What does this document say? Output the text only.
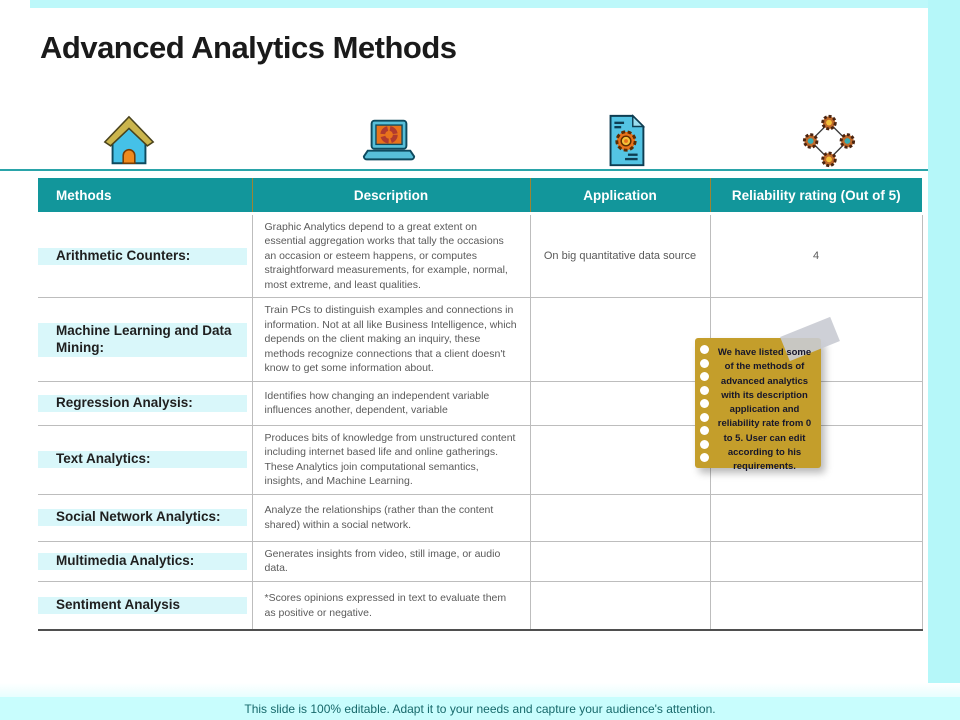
Advanced Analytics Methods
Methods	Description	Application	Reliability rating (Out of 5)

Arithmetic Counters:	Graphic Analytics depend to a great extent on essential aggregation works that tally the occasions an occasion or esteem happens, or computes straightforward measurements, for example, normal, most extreme, and least qualities.	On big quantitative data source	4

Machine Learning and Data Mining:	Train PCs to distinguish examples and connections in information. Not at all like Business Intelligence, which depends on the client making an inquiry, these methods recognize connections that a client doesn't know to get some information about.		

Regression Analysis:	Identifies how changing an independent variable influences another, dependent, variable		

Text Analytics:	Produces bits of knowledge from unstructured content including internet based life and online gatherings. These Analytics join computational semantics, insights, and Machine Learning.		

Social Network Analytics:	Analyze the relationships (rather than the content shared) within a social network.		

Multimedia Analytics:	Generates insights from video, still image, or audio data.		

Sentiment Analysis	*Scores opinions expressed in text to evaluate them as positive or negative.		
We have listed some of the methods of advanced analytics with its description application and reliability rate from 0 to 5. User can edit according to his requirements.
This slide is 100% editable. Adapt it to your needs and capture your audience's attention.
